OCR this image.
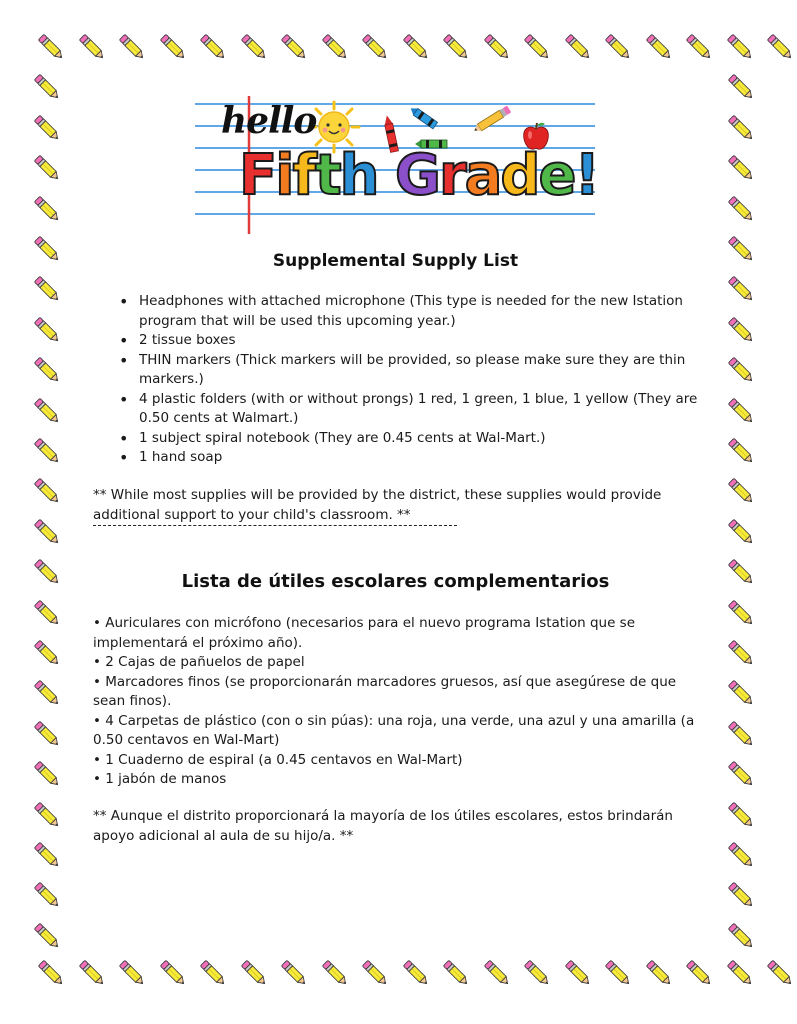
hello
Fifth Grade!
Supplemental Supply List
• Headphones with attached microphone (This type is needed for the new Istation program that will be used this upcoming year.)
• 2 tissue boxes
• THIN markers (Thick markers will be provided, so please make sure they are thin markers.)
• 4 plastic folders (with or without prongs) 1 red, 1 green, 1 blue, 1 yellow (They are 0.50 cents at Walmart.)
• 1 subject spiral notebook (They are 0.45 cents at Wal-Mart.)
• 1 hand soap

** While most supplies will be provided by the district, these supplies would provide additional support to your child's classroom. **

Lista de útiles escolares complementarios
• Auriculares con micrófono (necesarios para el nuevo programa Istation que se implementará el próximo año).
• 2 Cajas de pañuelos de papel
• Marcadores finos (se proporcionarán marcadores gruesos, así que asegúrese de que sean finos).
• 4 Carpetas de plástico (con o sin púas): una roja, una verde, una azul y una amarilla (a 0.50 centavos en Wal-Mart)
• 1 Cuaderno de espiral (a 0.45 centavos en Wal-Mart)
• 1 jabón de manos

** Aunque el distrito proporcionará la mayoría de los útiles escolares, estos brindarán apoyo adicional al aula de su hijo/a. **
